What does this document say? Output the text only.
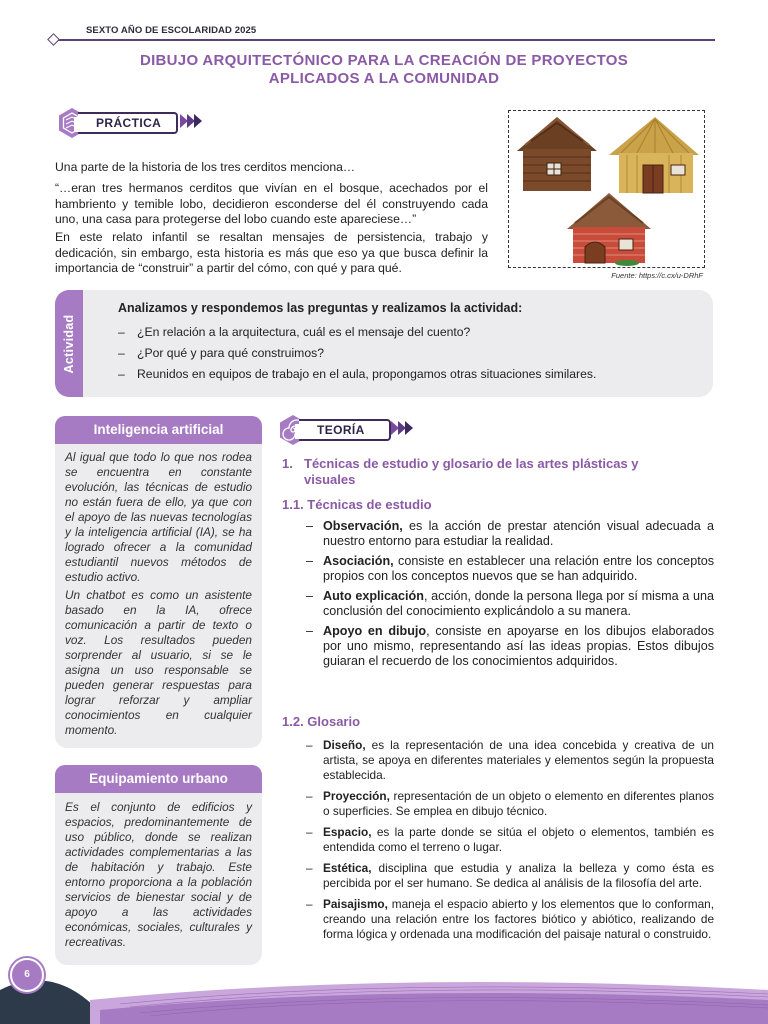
SEXTO AÑO DE ESCOLARIDAD 2025
DIBUJO ARQUITECTÓNICO PARA LA CREACIÓN DE PROYECTOS
APLICADOS A LA COMUNIDAD
PRÁCTICA
Una parte de la historia de los tres cerditos menciona…
“…eran tres hermanos cerditos que vivían en el bosque, acechados por el hambriento y temible lobo, decidieron esconderse del él construyendo cada uno, una casa para protegerse del lobo cuando este apareciese…”
En este relato infantil se resaltan mensajes de persistencia, trabajo y dedicación, sin embargo, esta historia es más que eso ya que busca definir la importancia de “construir” a partir del cómo, con qué y para qué.
Fuente: https://c.cx/u-DRhF
Actividad
Analizamos y respondemos las preguntas y realizamos la actividad:
– ¿En relación a la arquitectura, cuál es el mensaje del cuento?
– ¿Por qué y para qué construimos?
– Reunidos en equipos de trabajo en el aula, propongamos otras situaciones similares.
Inteligencia artificial
Al igual que todo lo que nos rodea se encuentra en constante evolución, las técnicas de estudio no están fuera de ello, ya que con el apoyo de las nuevas tecnologías y la inteligencia artificial (IA), se ha logrado ofrecer a la comunidad estudiantil nuevos métodos de estudio activo.
Un chatbot es como un asistente basado en la IA, ofrece comunicación a partir de texto o voz. Los resultados pueden sorprender al usuario, si se le asigna un uso responsable se pueden generar respuestas para lograr reforzar y ampliar conocimientos en cualquier momento.
Equipamiento urbano
Es el conjunto de edificios y espacios, predominantemente de uso público, donde se realizan actividades complementarias a las de habitación y trabajo. Este entorno proporciona a la población servicios de bienestar social y de apoyo a las actividades económicas, sociales, culturales y recreativas.
TEORÍA
1. Técnicas de estudio y glosario de las artes plásticas y
visuales
1.1. Técnicas de estudio
– Observación, es la acción de prestar atención visual adecuada a nuestro entorno para estudiar la realidad.
– Asociación, consiste en establecer una relación entre los conceptos propios con los conceptos nuevos que se han adquirido.
– Auto explicación, acción, donde la persona llega por sí misma a una conclusión del conocimiento explicándolo a su manera.
– Apoyo en dibujo, consiste en apoyarse en los dibujos elaborados por uno mismo, representando así las ideas propias. Estos dibujos guiaran el recuerdo de los conocimientos adquiridos.
1.2. Glosario
– Diseño, es la representación de una idea concebida y creativa de un artista, se apoya en diferentes materiales y elementos según la propuesta establecida.
– Proyección, representación de un objeto o elemento en diferentes planos o superficies. Se emplea en dibujo técnico.
– Espacio, es la parte donde se sitúa el objeto o elementos, también es entendida como el terreno o lugar.
– Estética, disciplina que estudia y analiza la belleza y como ésta es percibida por el ser humano. Se dedica al análisis de la filosofía del arte.
– Paisajismo, maneja el espacio abierto y los elementos que lo conforman, creando una relación entre los factores biótico y abiótico, realizando de forma lógica y ordenada una modificación del paisaje natural o construido.
6
